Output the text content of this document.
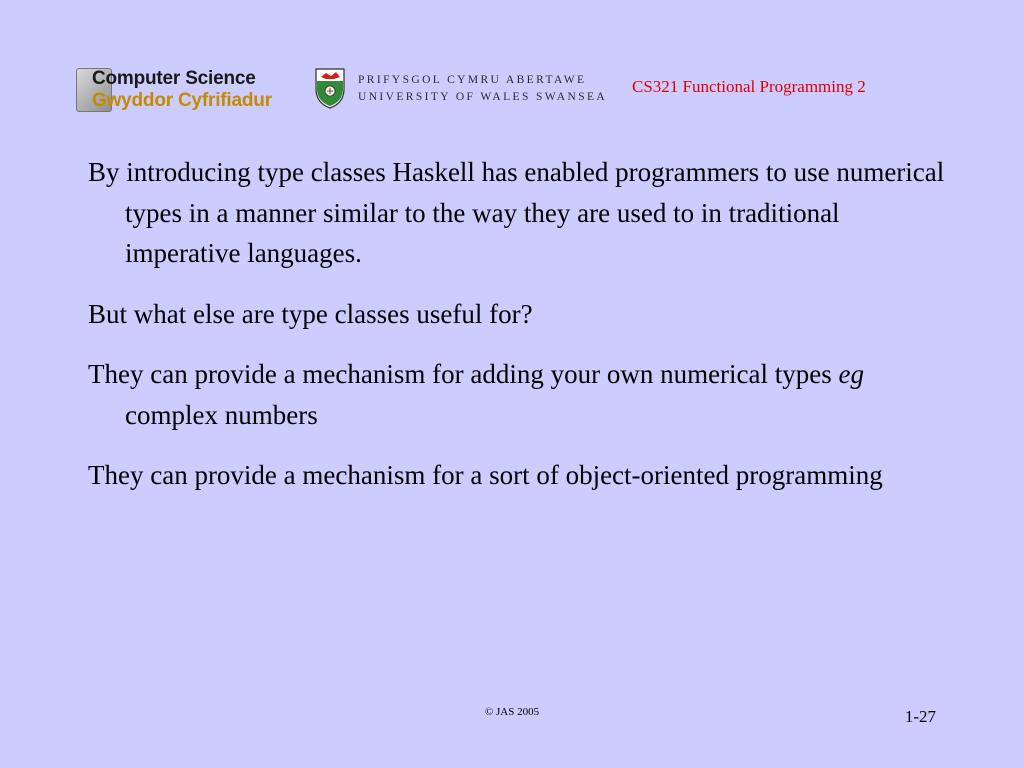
Computer Science
Gwyddor Cyfrifiadur
PRIFYSGOL CYMRU ABERTAWE
UNIVERSITY OF WALES SWANSEA
CS321 Functional Programming 2

By introducing type classes Haskell has enabled programmers to use numerical types in a manner similar to the way they are used to in traditional imperative languages.

But what else are type classes useful for?

They can provide a mechanism for adding your own numerical types eg complex numbers

They can provide a mechanism for a sort of object-oriented programming

© JAS 2005	1-27
